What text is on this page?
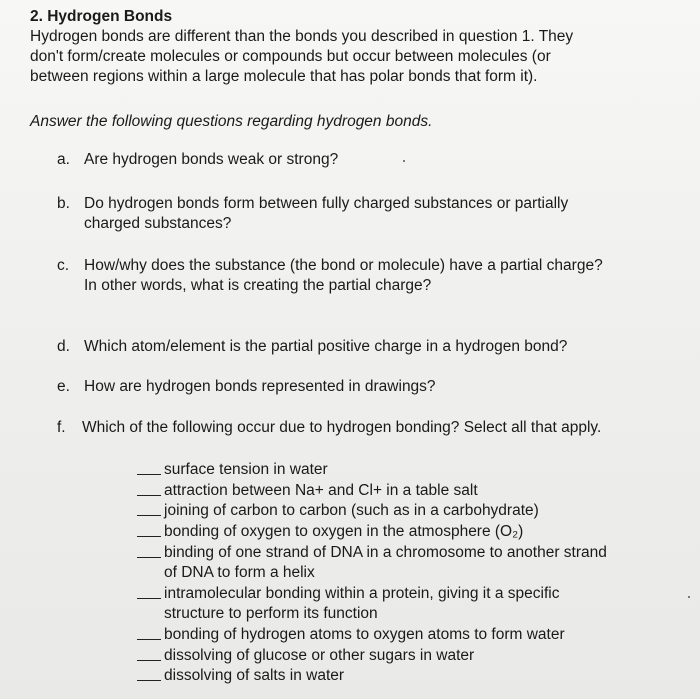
2. Hydrogen Bonds
Hydrogen bonds are different than the bonds you described in question 1. They
don't form/create molecules or compounds but occur between molecules (or
between regions within a large molecule that has polar bonds that form it).
Answer the following questions regarding hydrogen bonds.
a. Are hydrogen bonds weak or strong?
b. Do hydrogen bonds form between fully charged substances or partially
charged substances?
c. How/why does the substance (the bond or molecule) have a partial charge?
In other words, what is creating the partial charge?
d. Which atom/element is the partial positive charge in a hydrogen bond?
e. How are hydrogen bonds represented in drawings?
f. Which of the following occur due to hydrogen bonding? Select all that apply.
surface tension in water
attraction between Na+ and Cl+ in a table salt
joining of carbon to carbon (such as in a carbohydrate)
bonding of oxygen to oxygen in the atmosphere (O₂)
binding of one strand of DNA in a chromosome to another strand
of DNA to form a helix
intramolecular bonding within a protein, giving it a specific
structure to perform its function
bonding of hydrogen atoms to oxygen atoms to form water
dissolving of glucose or other sugars in water
dissolving of salts in water
